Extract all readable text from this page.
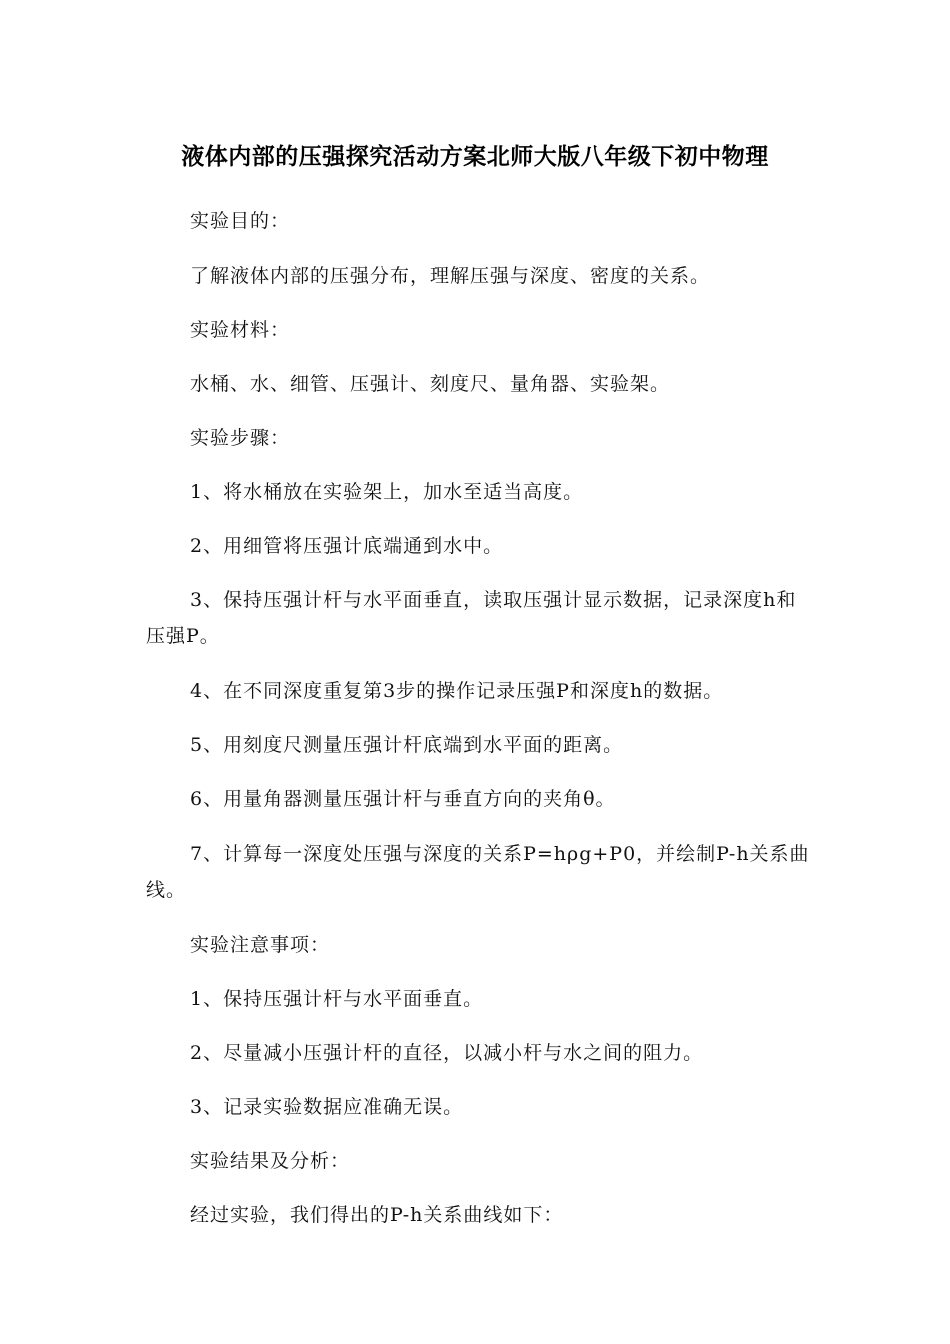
液体内部的压强探究活动方案北师大版八年级下初中物理
实验目的：
了解液体内部的压强分布，理解压强与深度、密度的关系。
实验材料：
水桶、水、细管、压强计、刻度尺、量角器、实验架。
实验步骤：
1、将水桶放在实验架上，加水至适当高度。
2、用细管将压强计底端通到水中。
3、保持压强计杆与水平面垂直，读取压强计显示数据，记录深度h和压强P。
4、在不同深度重复第3步的操作记录压强P和深度h的数据。
5、用刻度尺测量压强计杆底端到水平面的距离。
6、用量角器测量压强计杆与垂直方向的夹角θ。
7、计算每一深度处压强与深度的关系P=hρg+P0，并绘制P-h关系曲线。
实验注意事项：
1、保持压强计杆与水平面垂直。
2、尽量减小压强计杆的直径，以减小杆与水之间的阻力。
3、记录实验数据应准确无误。
实验结果及分析：
经过实验，我们得出的P-h关系曲线如下：
